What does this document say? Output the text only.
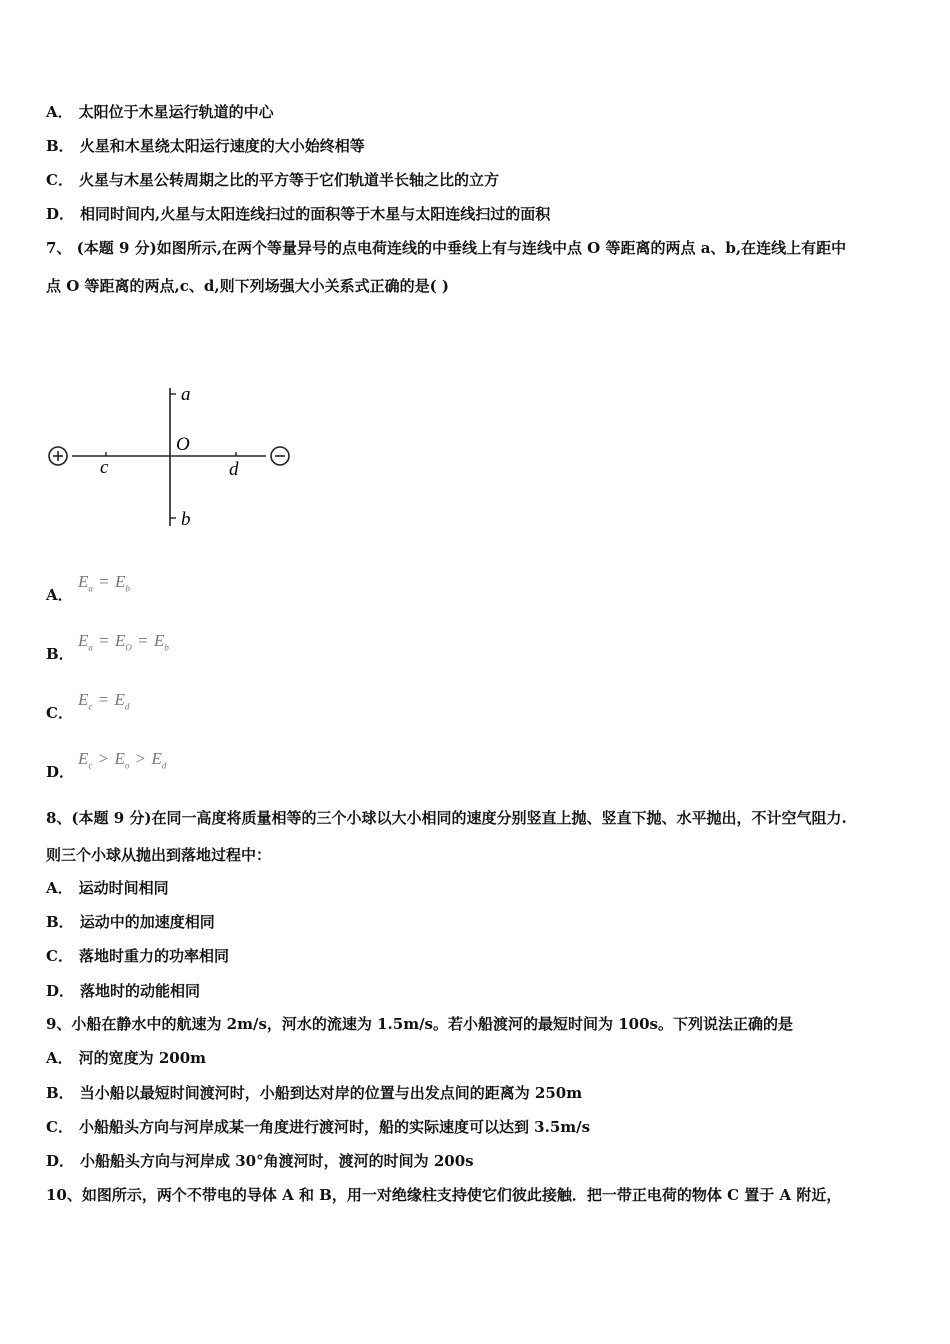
A． 太阳位于木星运行轨道的中心
B． 火星和木星绕太阳运行速度的大小始终相等
C． 火星与木星公转周期之比的平方等于它们轨道半长轴之比的立方
D． 相同时间内,火星与太阳连线扫过的面积等于木星与太阳连线扫过的面积
7、 (本题 9 分)如图所示,在两个等量异号的点电荷连线的中垂线上有与连线中点 O 等距离的两点 a、b,在连线上有距中
点 O 等距离的两点,c、d,则下列场强大小关系式正确的是( )
a
b
c	d
O
A．
$E_a = E_b$
B．
$E_a = E_O = E_b$
C．
$E_c = E_d$
D．
$E_c > E_o > E_d$
8、(本题 9 分)在同一高度将质量相等的三个小球以大小相同的速度分别竖直上抛、竖直下抛、水平抛出，不计空气阻力.
则三个小球从抛出到落地过程中：
A． 运动时间相同
B． 运动中的加速度相同
C． 落地时重力的功率相同
D． 落地时的动能相同
9、小船在静水中的航速为 2m/s，河水的流速为 1.5m/s。若小船渡河的最短时间为 100s。下列说法正确的是
A． 河的宽度为 200m
B． 当小船以最短时间渡河时，小船到达对岸的位置与出发点间的距离为 250m
C． 小船船头方向与河岸成某一角度进行渡河时，船的实际速度可以达到 3.5m/s
D． 小船船头方向与河岸成 30°角渡河时，渡河的时间为 200s
10、如图所示，两个不带电的导体 A 和 B，用一对绝缘柱支持使它们彼此接触．把一带正电荷的物体 C 置于 A 附近，
